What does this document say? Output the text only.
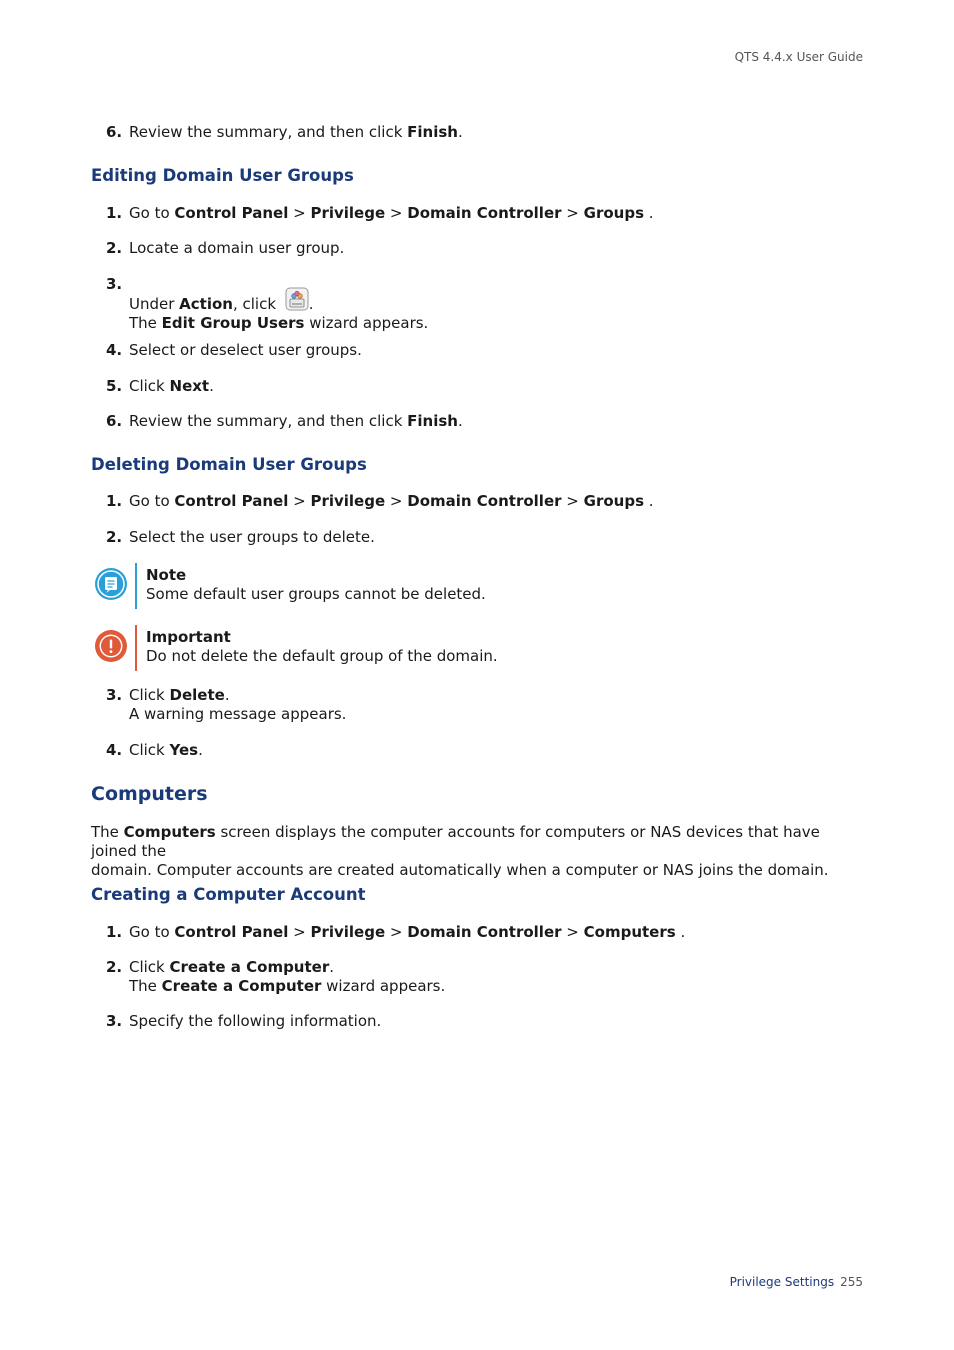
QTS 4.4.x User Guide
6. Review the summary, and then click Finish.
Editing Domain User Groups
1. Go to Control Panel > Privilege > Domain Controller > Groups .
2. Locate a domain user group.
3.
Under Action, click .
The Edit Group Users wizard appears.
4. Select or deselect user groups.
5. Click Next.
6. Review the summary, and then click Finish.
Deleting Domain User Groups
1. Go to Control Panel > Privilege > Domain Controller > Groups .
2. Select the user groups to delete.
Note
Some default user groups cannot be deleted.
Important
Do not delete the default group of the domain.
3. Click Delete.
A warning message appears.
4. Click Yes.
Computers
The Computers screen displays the computer accounts for computers or NAS devices that have joined the
domain. Computer accounts are created automatically when a computer or NAS joins the domain.
Creating a Computer Account
1. Go to Control Panel > Privilege > Domain Controller > Computers .
2. Click Create a Computer.
The Create a Computer wizard appears.
3. Specify the following information.
Privilege Settings 255
